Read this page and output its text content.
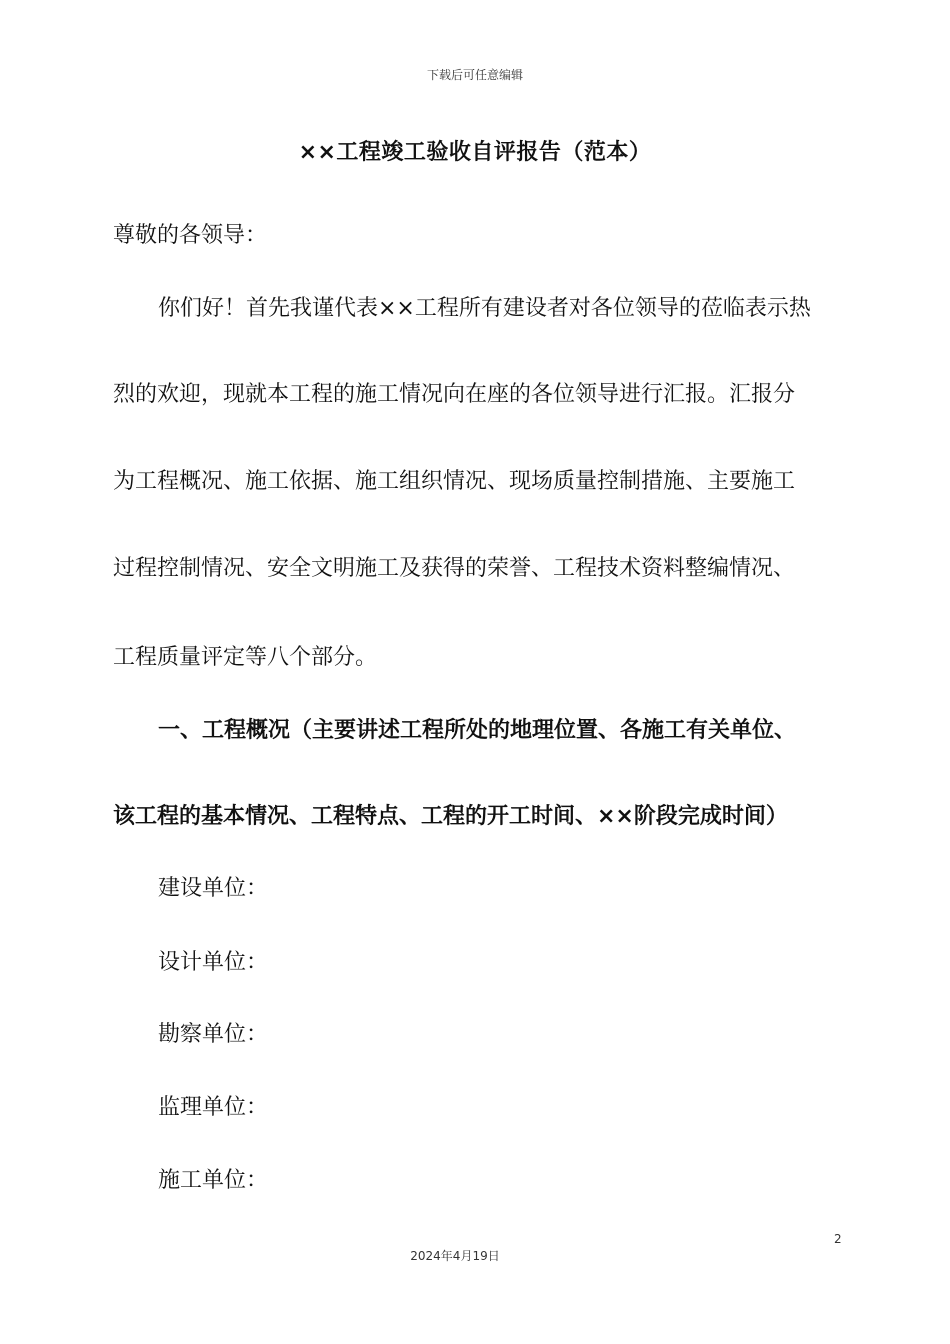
下载后可任意编辑
××工程竣工验收自评报告（范本）
尊敬的各领导：
你们好！首先我谨代表××工程所有建设者对各位领导的莅临表示热
烈的欢迎，现就本工程的施工情况向在座的各位领导进行汇报。汇报分
为工程概况、施工依据、施工组织情况、现场质量控制措施、主要施工
过程控制情况、安全文明施工及获得的荣誉、工程技术资料整编情况、
工程质量评定等八个部分。
一、工程概况（主要讲述工程所处的地理位置、各施工有关单位、
该工程的基本情况、工程特点、工程的开工时间、××阶段完成时间）
建设单位：
设计单位：
勘察单位：
监理单位：
施工单位：
2
2024年4月19日
